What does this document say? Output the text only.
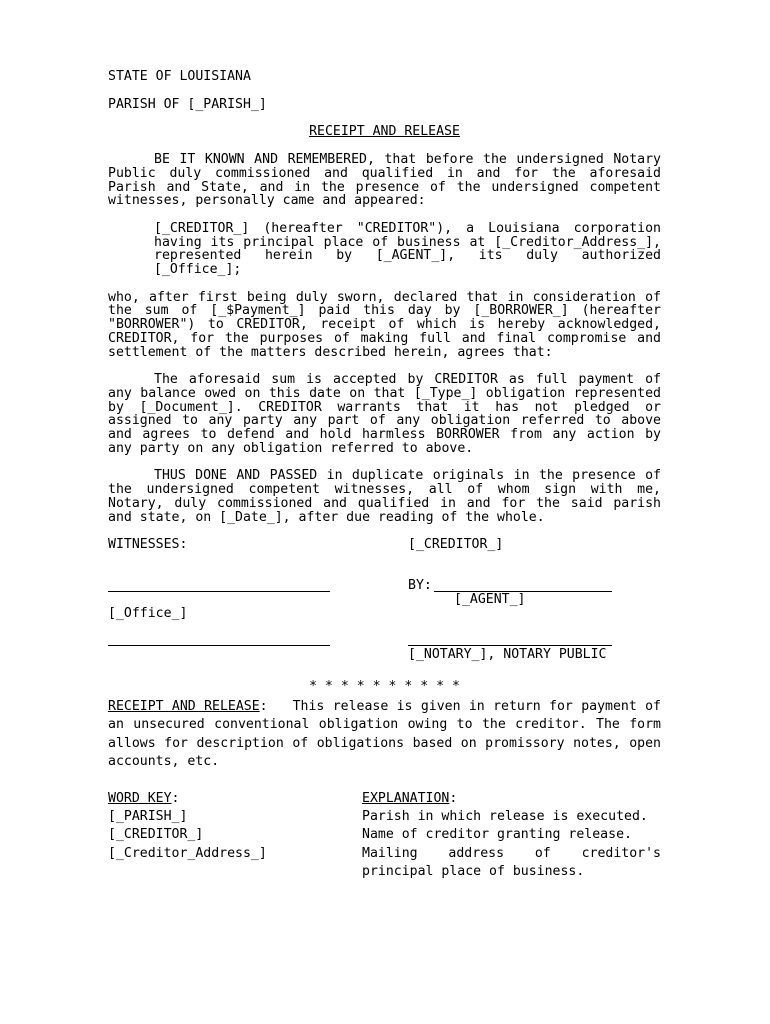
STATE OF LOUISIANA

PARISH OF [_PARISH_]

RECEIPT AND RELEASE

BE IT KNOWN AND REMEMBERED, that before the undersigned Notary Public duly commissioned and qualified in and for the aforesaid Parish and State, and in the presence of the undersigned competent witnesses, personally came and appeared:

[_CREDITOR_] (hereafter "CREDITOR"), a Louisiana corporation having its principal place of business at [_Creditor_Address_], represented herein by [_AGENT_], its duly authorized [_Office_];

who, after first being duly sworn, declared that in consideration of the sum of [_$Payment_] paid this day by [_BORROWER_] (hereafter "BORROWER") to CREDITOR, receipt of which is hereby acknowledged, CREDITOR, for the purposes of making full and final compromise and settlement of the matters described herein, agrees that:

The aforesaid sum is accepted by CREDITOR as full payment of any balance owed on this date on that [_Type_] obligation represented by [_Document_]. CREDITOR warrants that it has not pledged or assigned to any party any part of any obligation referred to above and agrees to defend and hold harmless BORROWER from any action by any party on any obligation referred to above.

THUS DONE AND PASSED in duplicate originals in the presence of the undersigned competent witnesses, all of whom sign with me, Notary, duly commissioned and qualified in and for the said parish and state, on [_Date_], after due reading of the whole.

WITNESSES:	[_CREDITOR_]
BY:
[_AGENT_]
[_Office_]
[_NOTARY_], NOTARY PUBLIC

* * * * * * * * * *

RECEIPT AND RELEASE: This release is given in return for payment of an unsecured conventional obligation owing to the creditor. The form allows for description of obligations based on promissory notes, open accounts, etc.

WORD KEY:	EXPLANATION:
[_PARISH_]	Parish in which release is executed.
[_CREDITOR_]	Name of creditor granting release.
[_Creditor_Address_]	Mailing address of creditor's principal place of business.
